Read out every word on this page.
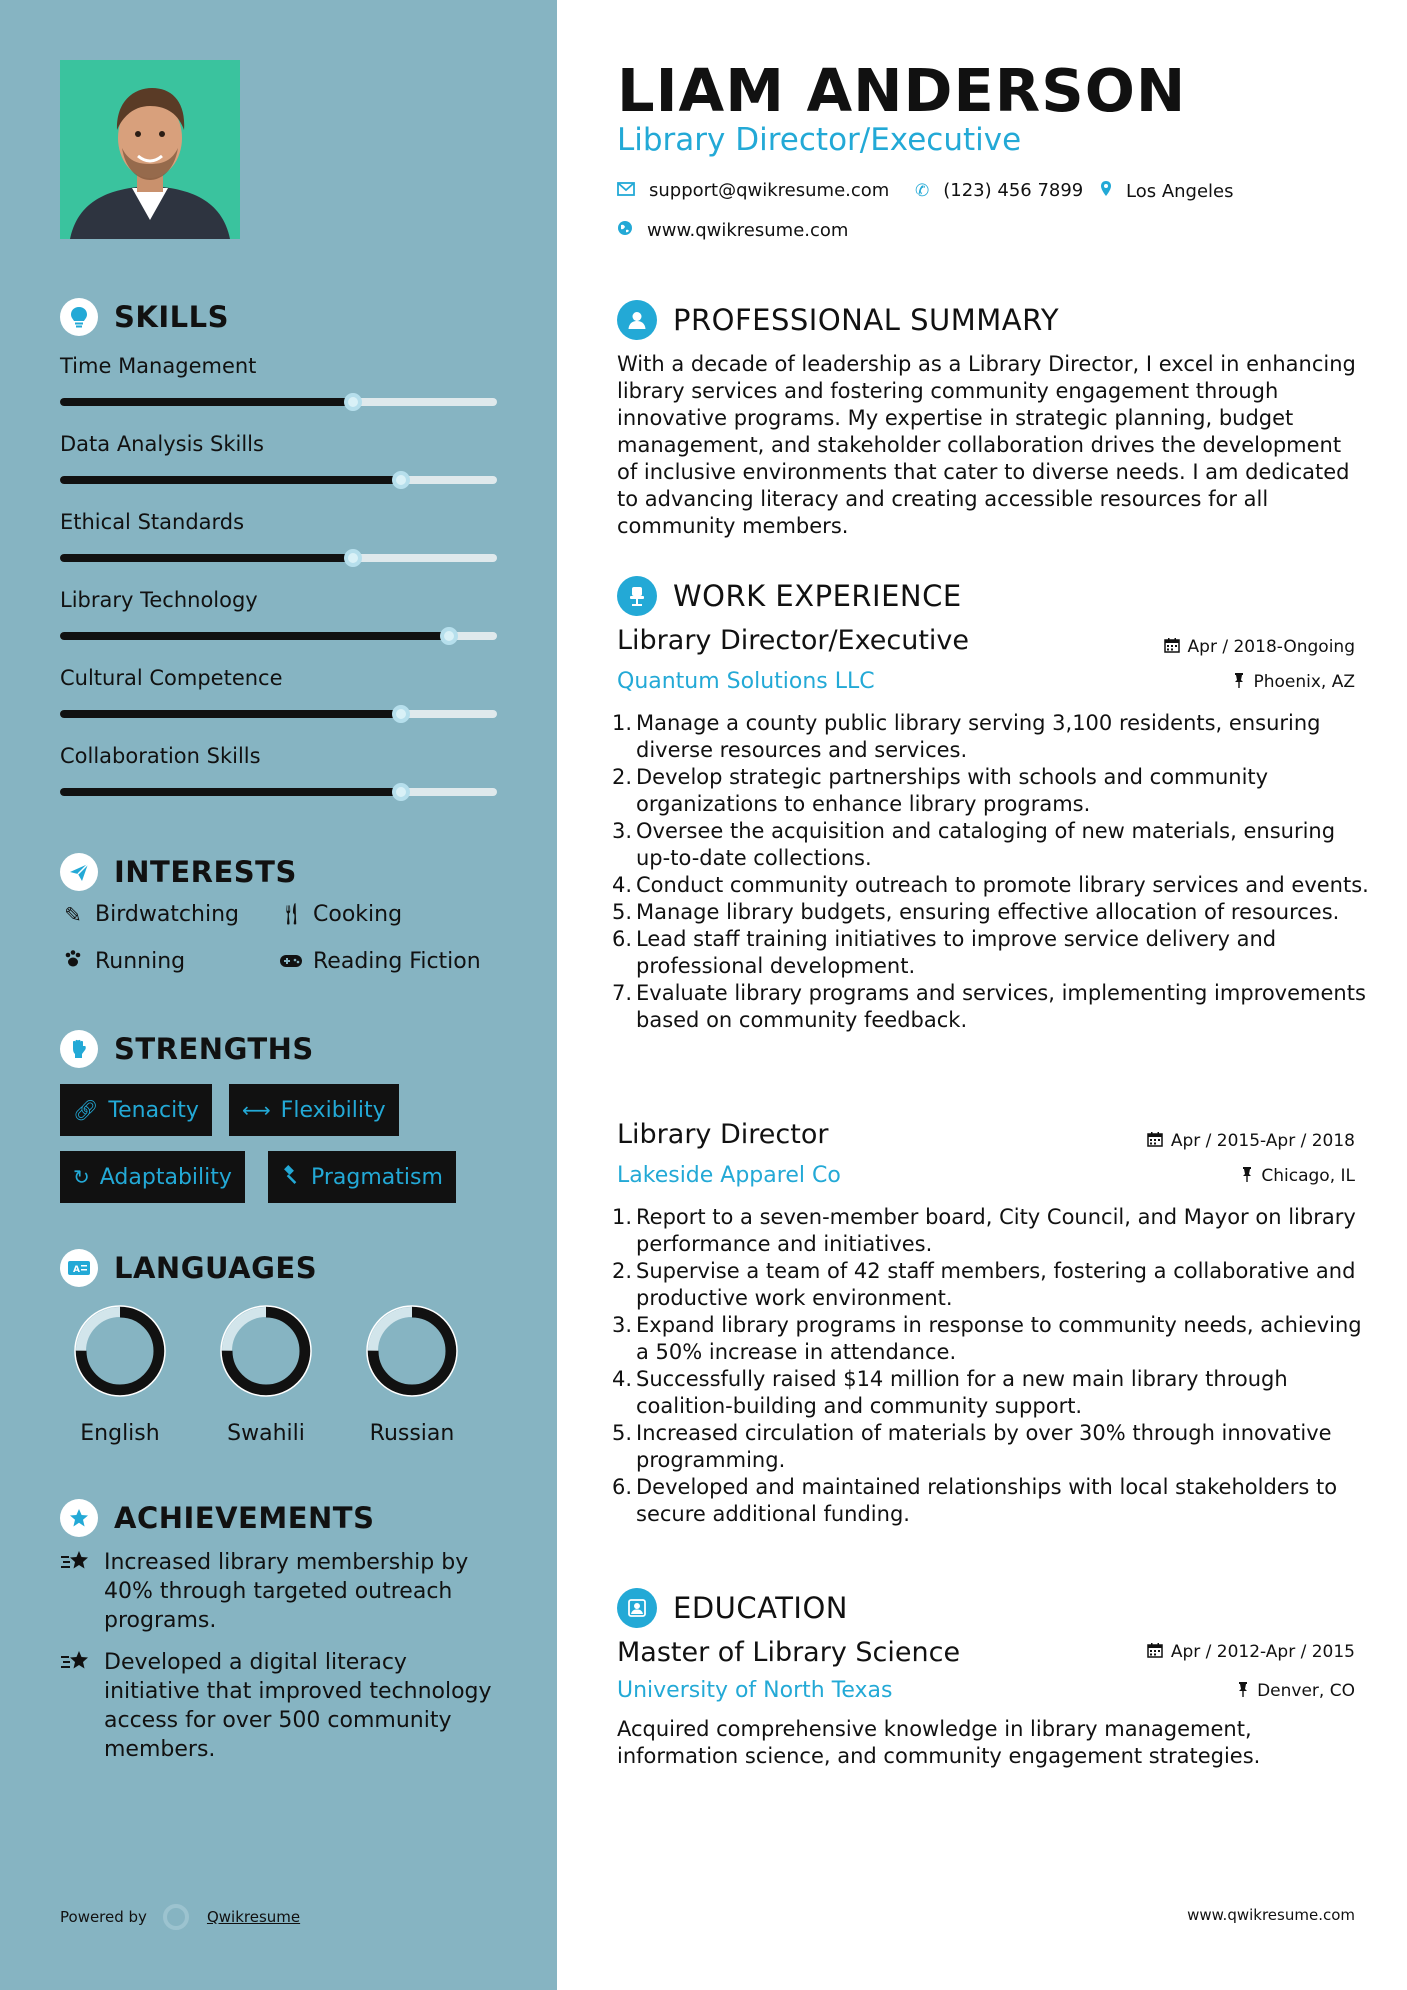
SKILLS
Time Management
Data Analysis Skills
Ethical Standards
Library Technology
Cultural Competence
Collaboration Skills
INTERESTS
✎ Birdwatching 🍴︎ Cooking
Running	Reading Fiction
STRENGTHS
🔗︎ Tenacity ⟷ Flexibility
↻ Adaptability	Pragmatism
A LANGUAGES
English	Swahili	Russian
ACHIEVEMENTS
Increased library membership by 40% through targeted outreach programs.
Developed a digital literacy initiative that improved technology access for over 500 community members.
Powered by	Qwikresume
LIAM ANDERSON
Library Director/Executive
support@qwikresume.com ✆ (123) 456 7899 Los Angeles
www.qwikresume.com
PROFESSIONAL SUMMARY
With a decade of leadership as a Library Director, I excel in enhancing library services and fostering community engagement through innovative programs. My expertise in strategic planning, budget management, and stakeholder collaboration drives the development of inclusive environments that cater to diverse needs. I am dedicated to advancing literacy and creating accessible resources for all community members.
WORK EXPERIENCE
Library Director/Executive	Apr / 2018-Ongoing
Quantum Solutions LLC	Phoenix, AZ
1. Manage a county public library serving 3,100 residents, ensuring diverse resources and services.
2. Develop strategic partnerships with schools and community organizations to enhance library programs.
3. Oversee the acquisition and cataloging of new materials, ensuring up-to-date collections.
4. Conduct community outreach to promote library services and events.
5. Manage library budgets, ensuring effective allocation of resources.
6. Lead staff training initiatives to improve service delivery and professional development.
7. Evaluate library programs and services, implementing improvements based on community feedback.
Library Director	Apr / 2015-Apr / 2018
Lakeside Apparel Co	Chicago, IL
1. Report to a seven-member board, City Council, and Mayor on library performance and initiatives.
2. Supervise a team of 42 staff members, fostering a collaborative and productive work environment.
3. Expand library programs in response to community needs, achieving a 50% increase in attendance.
4. Successfully raised $14 million for a new main library through coalition-building and community support.
5. Increased circulation of materials by over 30% through innovative programming.
6. Developed and maintained relationships with local stakeholders to secure additional funding.
EDUCATION
Master of Library Science	Apr / 2012-Apr / 2015
University of North Texas	Denver, CO
Acquired comprehensive knowledge in library management, information science, and community engagement strategies.
www.qwikresume.com
